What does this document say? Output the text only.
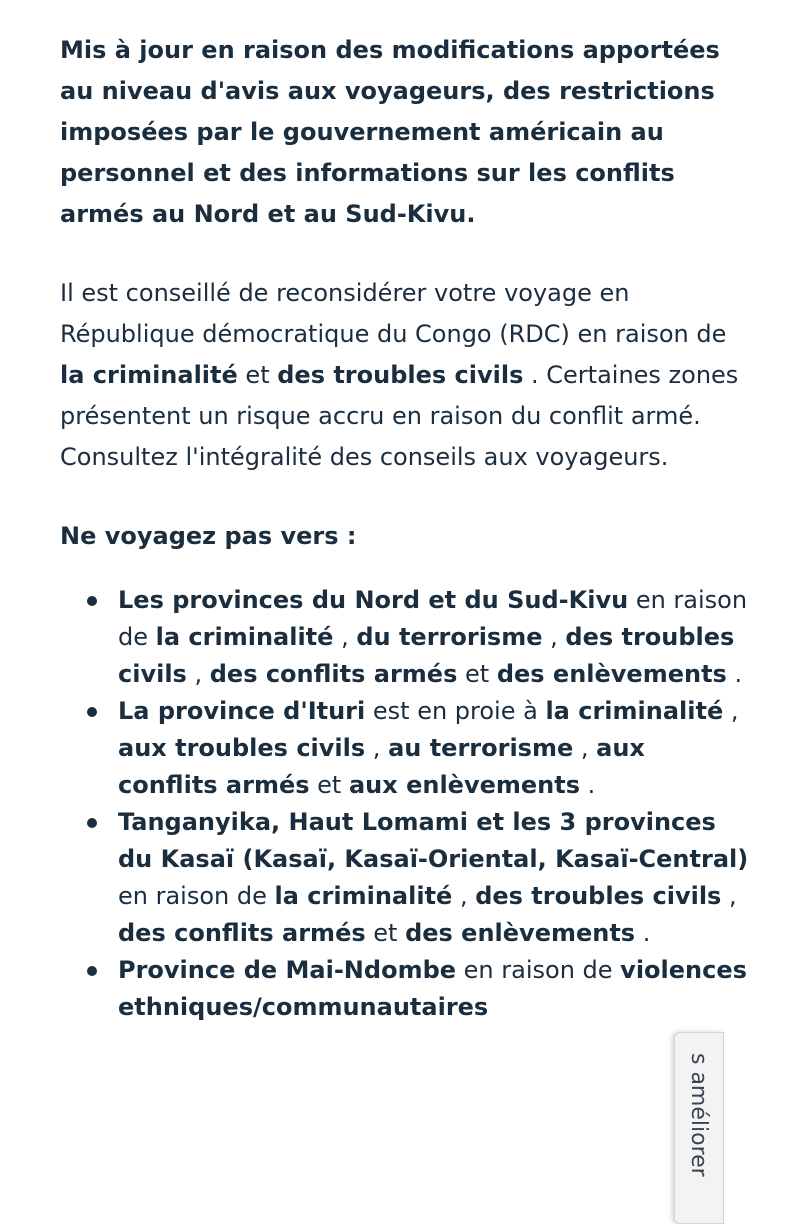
Mis à jour en raison des modifications apportées au niveau d'avis aux voyageurs, des restrictions imposées par le gouvernement américain au personnel et des informations sur les conflits armés au Nord et au Sud-Kivu.

Il est conseillé de reconsidérer votre voyage en République démocratique du Congo (RDC) en raison de la criminalité et des troubles civils . Certaines zones présentent un risque accru en raison du conflit armé. Consultez l'intégralité des conseils aux voyageurs.

Ne voyagez pas vers :

Les provinces du Nord et du Sud-Kivu en raison de la criminalité , du terrorisme , des troubles civils , des conflits armés et des enlèvements .
La province d'Ituri est en proie à la criminalité , aux troubles civils , au terrorisme , aux conflits armés et aux enlèvements .
Tanganyika, Haut Lomami et les 3 provinces du Kasaï (Kasaï, Kasaï-Oriental, Kasaï-Central) en raison de la criminalité , des troubles civils , des conflits armés et des enlèvements .
Province de Mai-Ndombe en raison de violences ethniques/communautaires
s améliorer
